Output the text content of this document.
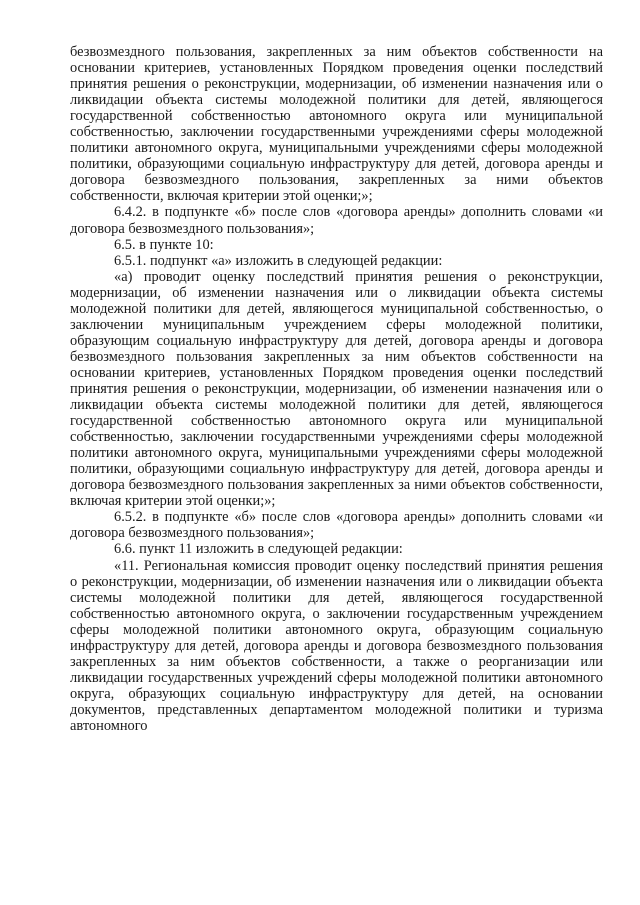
безвозмездного пользования, закрепленных за ним объектов собственности на основании критериев, установленных Порядком проведения оценки последствий принятия решения о реконструкции, модернизации, об изменении назначения или о ликвидации объекта системы молодежной политики для детей, являющегося государственной собственностью автономного округа или муниципальной собственностью, заключении государственными учреждениями сферы молодежной политики автономного округа, муниципальными учреждениями сферы молодежной политики, образующими социальную инфраструктуру для детей, договора аренды и договора безвозмездного пользования, закрепленных за ними объектов собственности, включая критерии этой оценки;»;

6.4.2. в подпункте «б» после слов «договора аренды» дополнить словами «и договора безвозмездного пользования»;

6.5. в пункте 10:

6.5.1. подпункт «а» изложить в следующей редакции:

«а) проводит оценку последствий принятия решения о реконструкции, модернизации, об изменении назначения или о ликвидации объекта системы молодежной политики для детей, являющегося муниципальной собственностью, о заключении муниципальным учреждением сферы молодежной политики, образующим социальную инфраструктуру для детей, договора аренды и договора безвозмездного пользования закрепленных за ним объектов собственности на основании критериев, установленных Порядком проведения оценки последствий принятия решения о реконструкции, модернизации, об изменении назначения или о ликвидации объекта системы молодежной политики для детей, являющегося государственной собственностью автономного округа или муниципальной собственностью, заключении государственными учреждениями сферы молодежной политики автономного округа, муниципальными учреждениями сферы молодежной политики, образующими социальную инфраструктуру для детей, договора аренды и договора безвозмездного пользования закрепленных за ними объектов собственности, включая критерии этой оценки;»;

6.5.2. в подпункте «б» после слов «договора аренды» дополнить словами «и договора безвозмездного пользования»;

6.6. пункт 11 изложить в следующей редакции:

«11. Региональная комиссия проводит оценку последствий принятия решения о реконструкции, модернизации, об изменении назначения или о ликвидации объекта системы молодежной политики для детей, являющегося государственной собственностью автономного округа, о заключении государственным учреждением сферы молодежной политики автономного округа, образующим социальную инфраструктуру для детей, договора аренды и договора безвозмездного пользования закрепленных за ним объектов собственности, а также о реорганизации или ликвидации государственных учреждений сферы молодежной политики автономного округа, образующих социальную инфраструктуру для детей, на основании документов, представленных департаментом молодежной политики и туризма автономного
